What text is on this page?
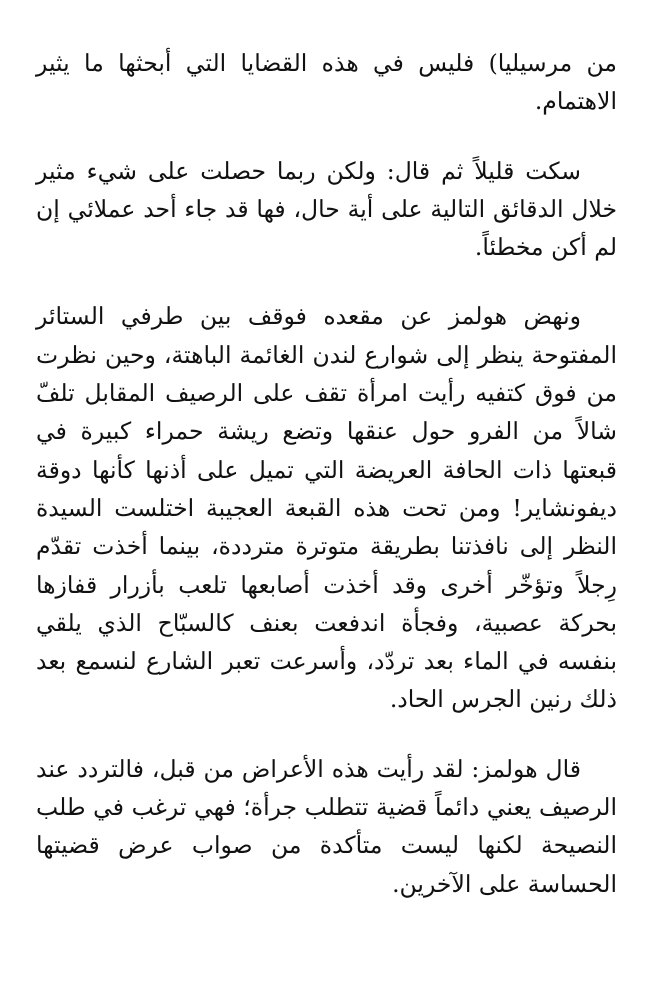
من مرسيليا) فليس في هذه القضايا التي أبحثها ما يثير الاهتمام.

سكت قليلاً ثم قال: ولكن ربما حصلت على شيء مثير خلال الدقائق التالية على أية حال، فها قد جاء أحد عملائي إن لم أكن مخطئاً.

ونهض هولمز عن مقعده فوقف بين طرفي الستائر المفتوحة ينظر إلى شوارع لندن الغائمة الباهتة، وحين نظرت من فوق كتفيه رأيت امرأة تقف على الرصيف المقابل تلفّ شالاً من الفرو حول عنقها وتضع ريشة حمراء كبيرة في قبعتها ذات الحافة العريضة التي تميل على أذنها كأنها دوقة ديفونشاير! ومن تحت هذه القبعة العجيبة اختلست السيدة النظر إلى نافذتنا بطريقة متوترة مترددة، بينما أخذت تقدّم رِجلاً وتؤخّر أخرى وقد أخذت أصابعها تلعب بأزرار قفازها بحركة عصبية، وفجأة اندفعت بعنف كالسبّاح الذي يلقي بنفسه في الماء بعد تردّد، وأسرعت تعبر الشارع لنسمع بعد ذلك رنين الجرس الحاد.

قال هولمز: لقد رأيت هذه الأعراض من قبل، فالتردد عند الرصيف يعني دائماً قضية تتطلب جرأة؛ فهي ترغب في طلب النصيحة لكنها ليست متأكدة من صواب عرض قضيتها الحساسة على الآخرين.
